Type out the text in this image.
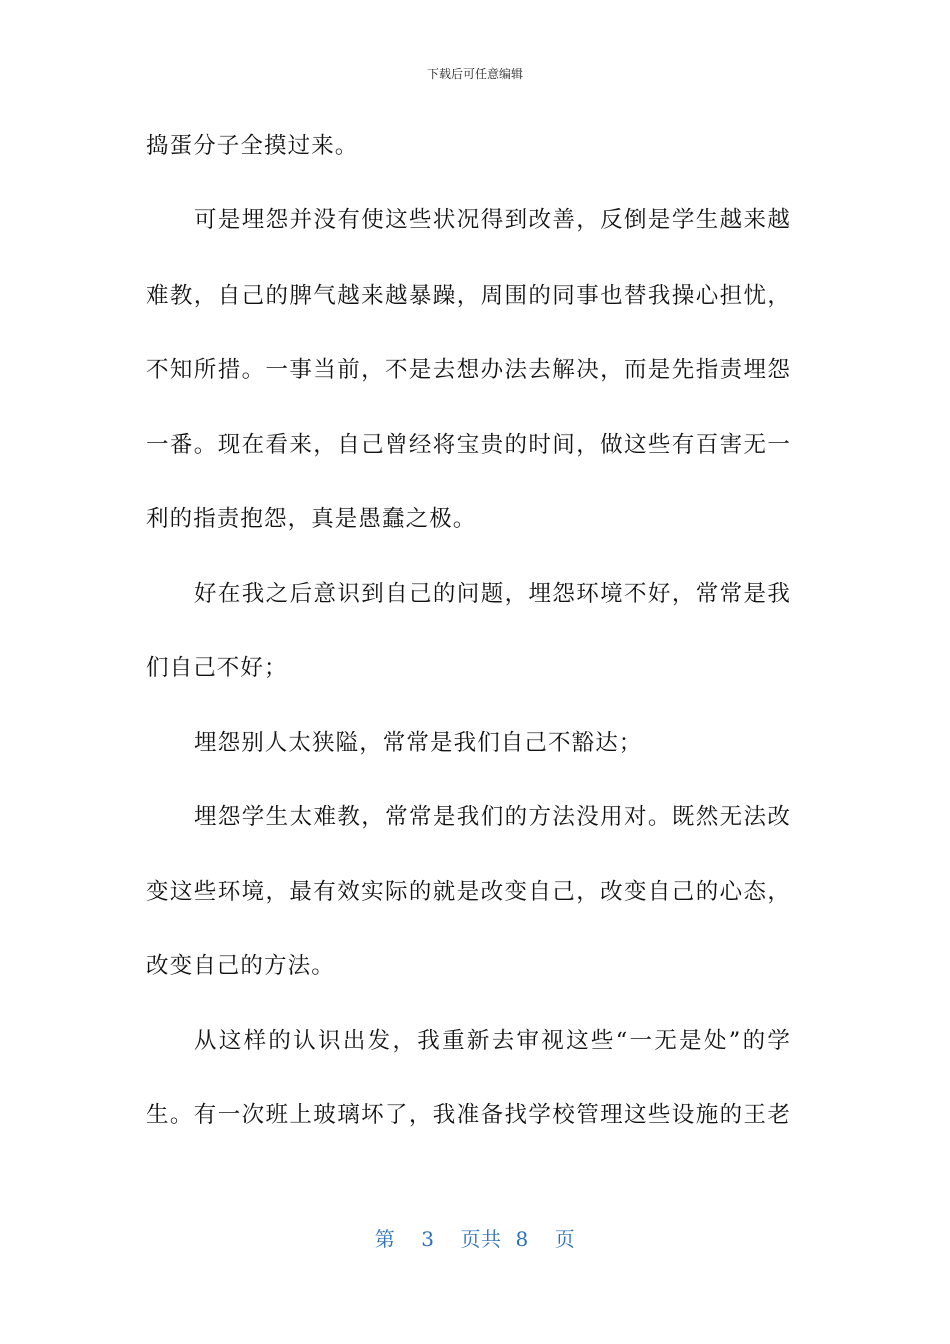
下载后可任意编辑
捣蛋分子全摸过来。
可是埋怨并没有使这些状况得到改善，反倒是学生越来越
难教，自己的脾气越来越暴躁，周围的同事也替我操心担忧，
不知所措。一事当前，不是去想办法去解决，而是先指责埋怨
一番。现在看来，自己曾经将宝贵的时间，做这些有百害无一
利的指责抱怨，真是愚蠢之极。
好在我之后意识到自己的问题，埋怨环境不好，常常是我
们自己不好；
埋怨别人太狭隘，常常是我们自己不豁达；
埋怨学生太难教，常常是我们的方法没用对。既然无法改
变这些环境，最有效实际的就是改变自己，改变自己的心态，
改变自己的方法。
从这样的认识出发，我重新去审视这些“一无是处”的学
生。有一次班上玻璃坏了，我准备找学校管理这些设施的王老
第 3 页共 8 页
